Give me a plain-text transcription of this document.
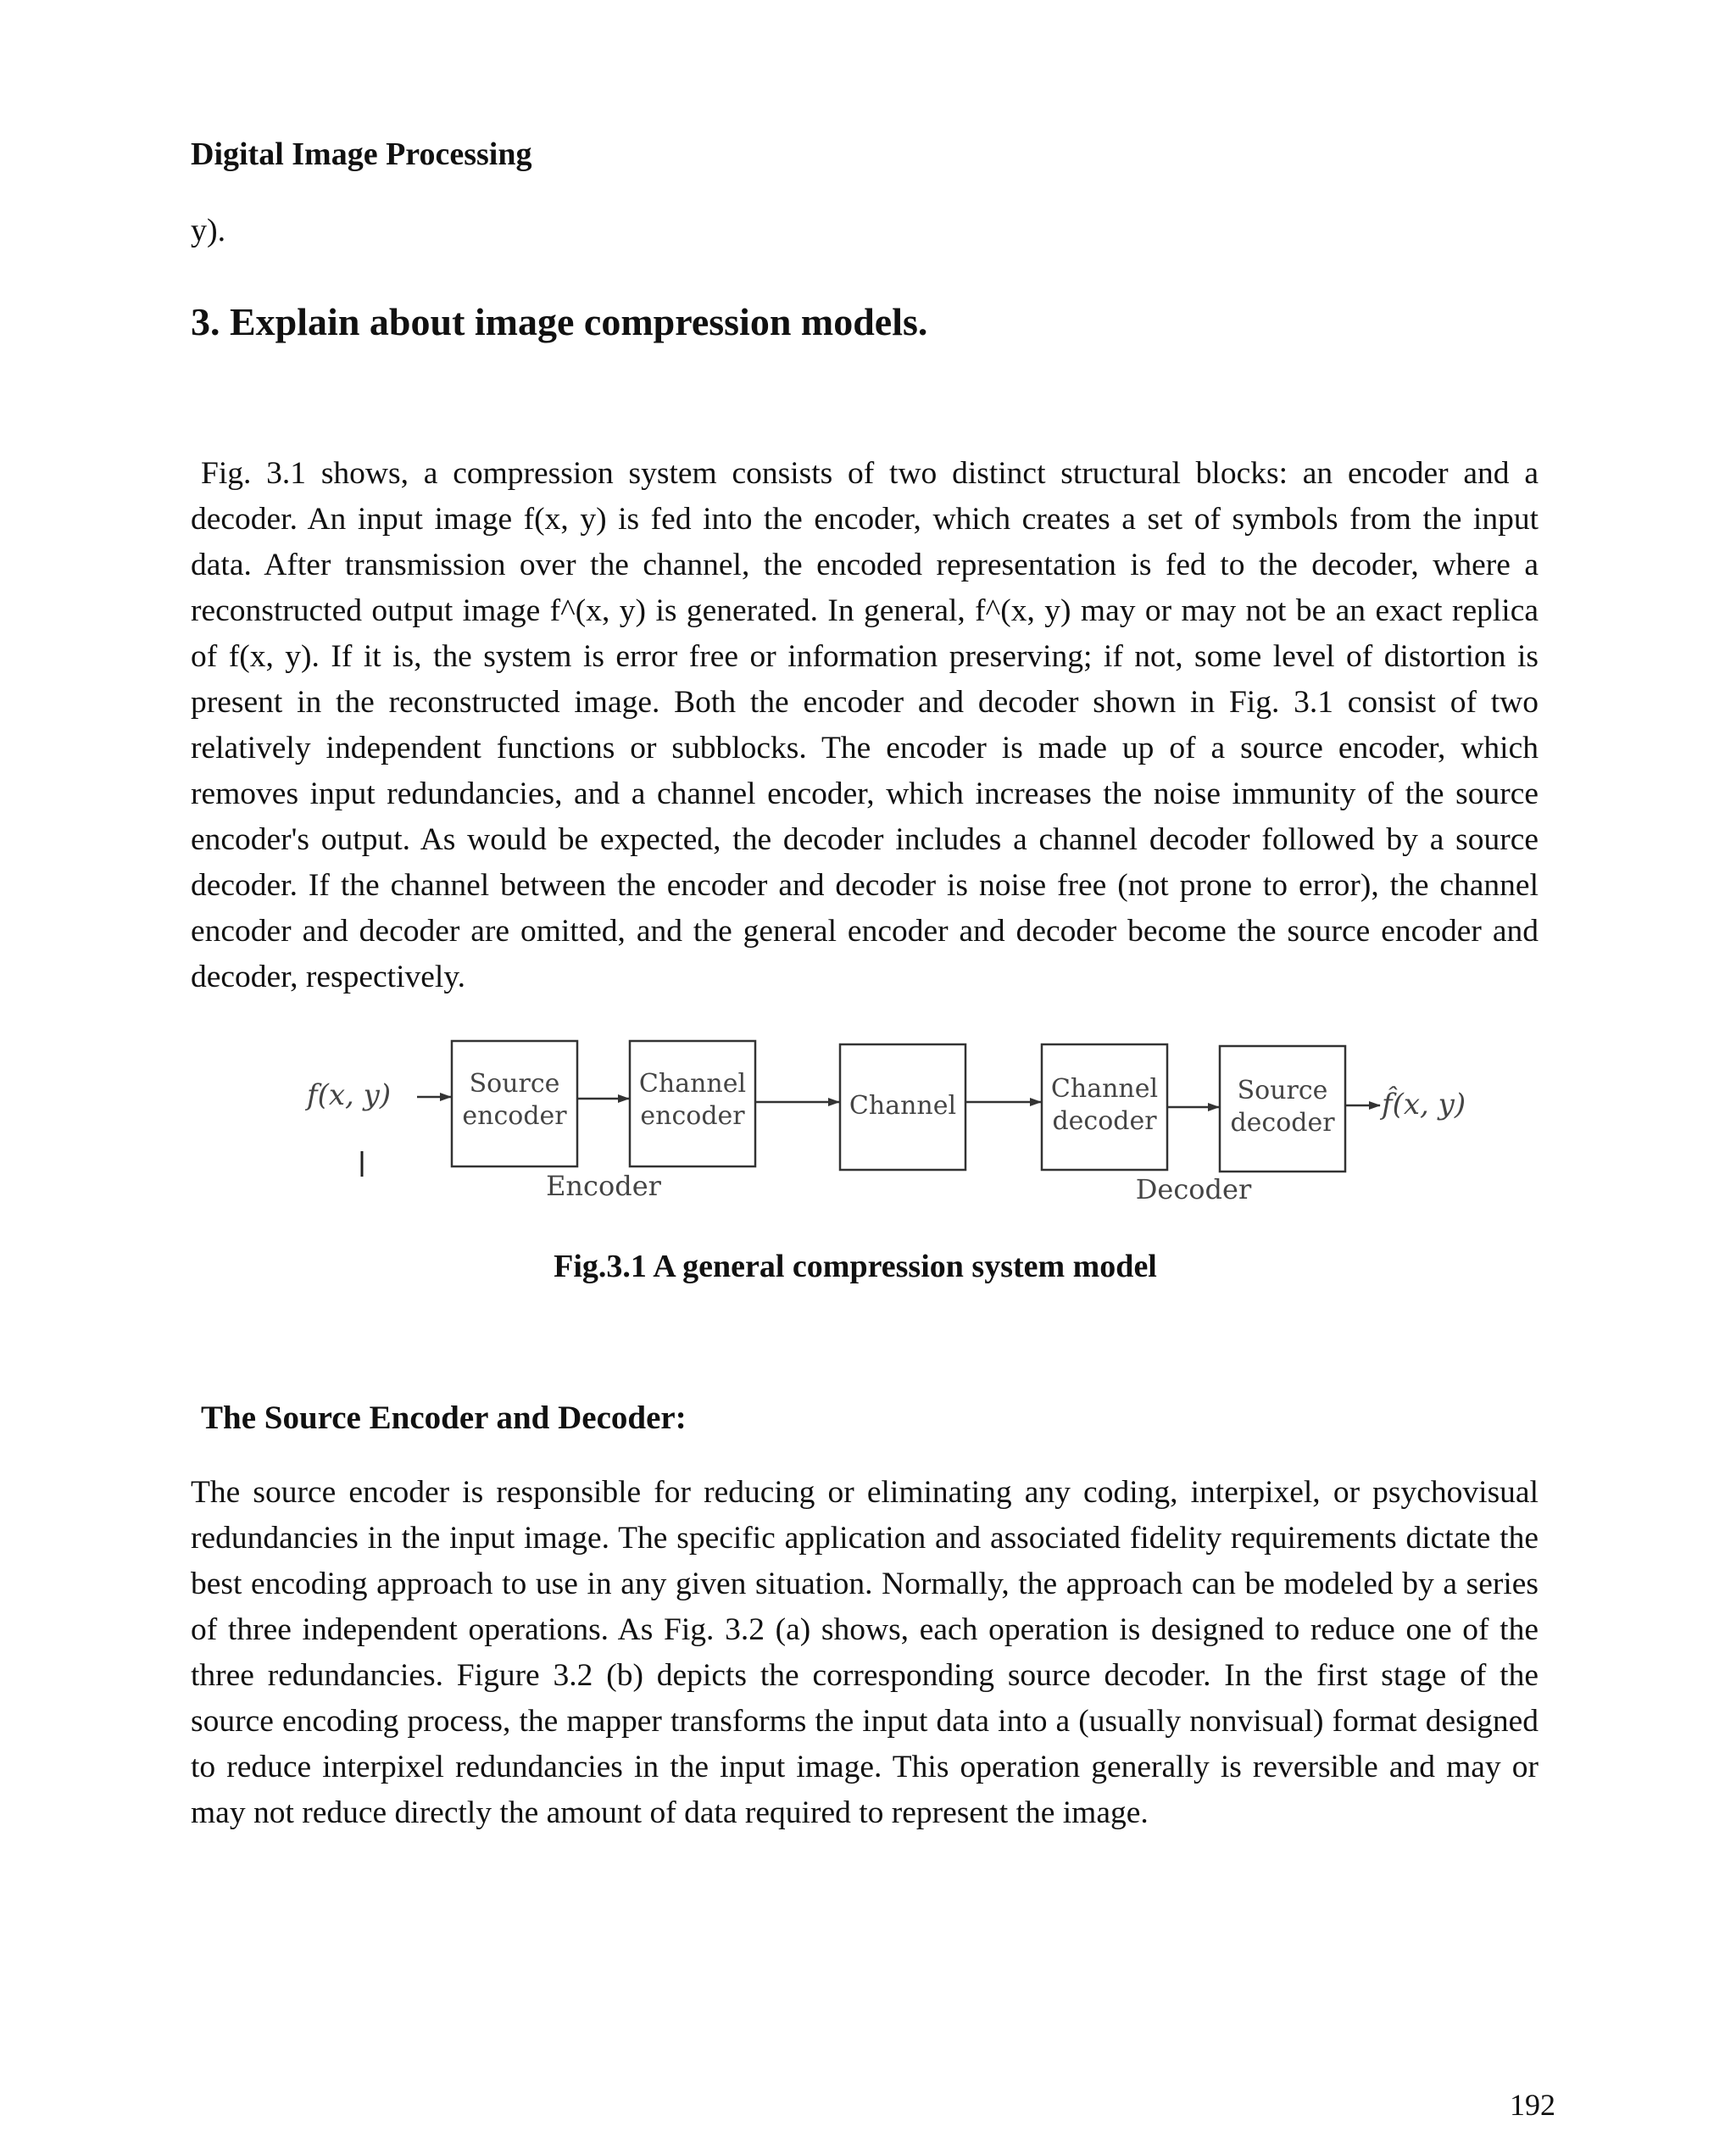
Digital Image Processing
y).
3. Explain about image compression models.

Fig. 3.1 shows, a compression system consists of two distinct structural blocks: an encoder and a decoder. An input image f(x, y) is fed into the encoder, which creates a set of symbols from the input data. After transmission over the channel, the encoded representation is fed to the decoder, where a reconstructed output image f^(x, y) is generated. In general, f^(x, y) may or may not be an exact replica of f(x, y). If it is, the system is error free or information preserving; if not, some level of distortion is present in the reconstructed image. Both the encoder and decoder shown in Fig. 3.1 consist of two relatively independent functions or subblocks. The encoder is made up of a source encoder, which removes input redundancies, and a channel encoder, which increases the noise immunity of the source encoder's output. As would be expected, the decoder includes a channel decoder followed by a source decoder. If the channel between the encoder and decoder is noise free (not prone to error), the channel encoder and decoder are omitted, and the general encoder and decoder become the source encoder and decoder, respectively.

f(x, y)	Source
encoder
Channel
encoder	Channel
Channel
decoder
Source
decoder
f̂(x, y)
Encoder	Decoder
Fig.3.1 A general compression system model
The Source Encoder and Decoder:

The source encoder is responsible for reducing or eliminating any coding, interpixel, or psychovisual redundancies in the input image. The specific application and associated fidelity requirements dictate the best encoding approach to use in any given situation. Normally, the approach can be modeled by a series of three independent operations. As Fig. 3.2 (a) shows, each operation is designed to reduce one of the three redundancies. Figure 3.2 (b) depicts the corresponding source decoder. In the first stage of the source encoding process, the mapper transforms the input data into a (usually nonvisual) format designed to reduce interpixel redundancies in the input image. This operation generally is reversible and may or may not reduce directly the amount of data required to represent the image.

192
